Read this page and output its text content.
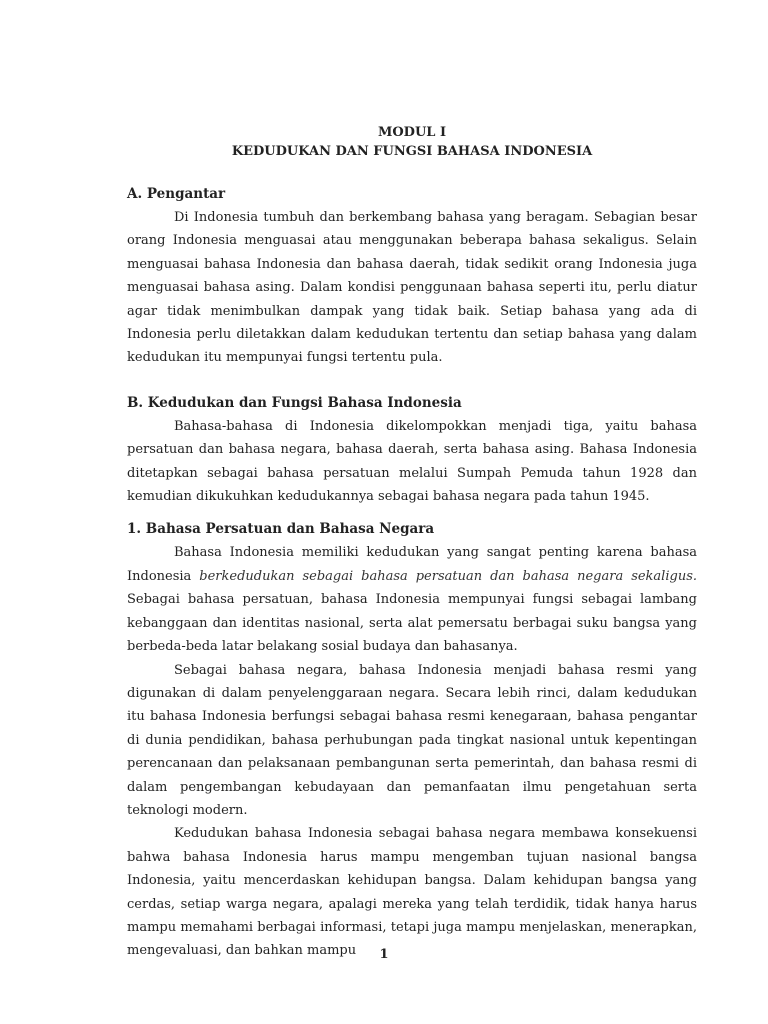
MODUL I

KEDUDUKAN DAN FUNGSI BAHASA INDONESIA

A. Pengantar

Di Indonesia tumbuh dan berkembang bahasa yang beragam. Sebagian besar orang Indonesia menguasai atau menggunakan beberapa bahasa sekaligus. Selain menguasai bahasa Indonesia dan bahasa daerah, tidak sedikit orang Indonesia juga menguasai bahasa asing. Dalam kondisi penggunaan bahasa seperti itu, perlu diatur agar tidak menimbulkan dampak yang tidak baik. Setiap bahasa yang ada di Indonesia perlu diletakkan dalam kedudukan tertentu dan setiap bahasa yang dalam kedudukan itu mempunyai fungsi tertentu pula.

B. Kedudukan dan Fungsi Bahasa Indonesia

Bahasa-bahasa di Indonesia dikelompokkan menjadi tiga, yaitu bahasa persatuan dan bahasa negara, bahasa daerah, serta bahasa asing. Bahasa Indonesia ditetapkan sebagai bahasa persatuan melalui Sumpah Pemuda tahun 1928 dan kemudian dikukuhkan kedudukannya sebagai bahasa negara pada tahun 1945.

1. Bahasa Persatuan dan Bahasa Negara

Bahasa Indonesia memiliki kedudukan yang sangat penting karena bahasa Indonesia berkedudukan sebagai bahasa persatuan dan bahasa negara sekaligus. Sebagai bahasa persatuan, bahasa Indonesia mempunyai fungsi sebagai lambang kebanggaan dan identitas nasional, serta alat pemersatu berbagai suku bangsa yang berbeda-beda latar belakang sosial budaya dan bahasanya.

Sebagai bahasa negara, bahasa Indonesia menjadi bahasa resmi yang digunakan di dalam penyelenggaraan negara. Secara lebih rinci, dalam kedudukan itu bahasa Indonesia berfungsi sebagai bahasa resmi kenegaraan, bahasa pengantar di dunia pendidikan, bahasa perhubungan pada tingkat nasional untuk kepentingan perencanaan dan pelaksanaan pembangunan serta pemerintah, dan bahasa resmi di dalam pengembangan kebudayaan dan pemanfaatan ilmu pengetahuan serta teknologi modern.

Kedudukan bahasa Indonesia sebagai bahasa negara membawa konsekuensi bahwa bahasa Indonesia harus mampu mengemban tujuan nasional bangsa Indonesia, yaitu mencerdaskan kehidupan bangsa. Dalam kehidupan bangsa yang cerdas, setiap warga negara, apalagi mereka yang telah terdidik, tidak hanya harus mampu memahami berbagai informasi, tetapi juga mampu menjelaskan, menerapkan, mengevaluasi, dan bahkan mampu	1
